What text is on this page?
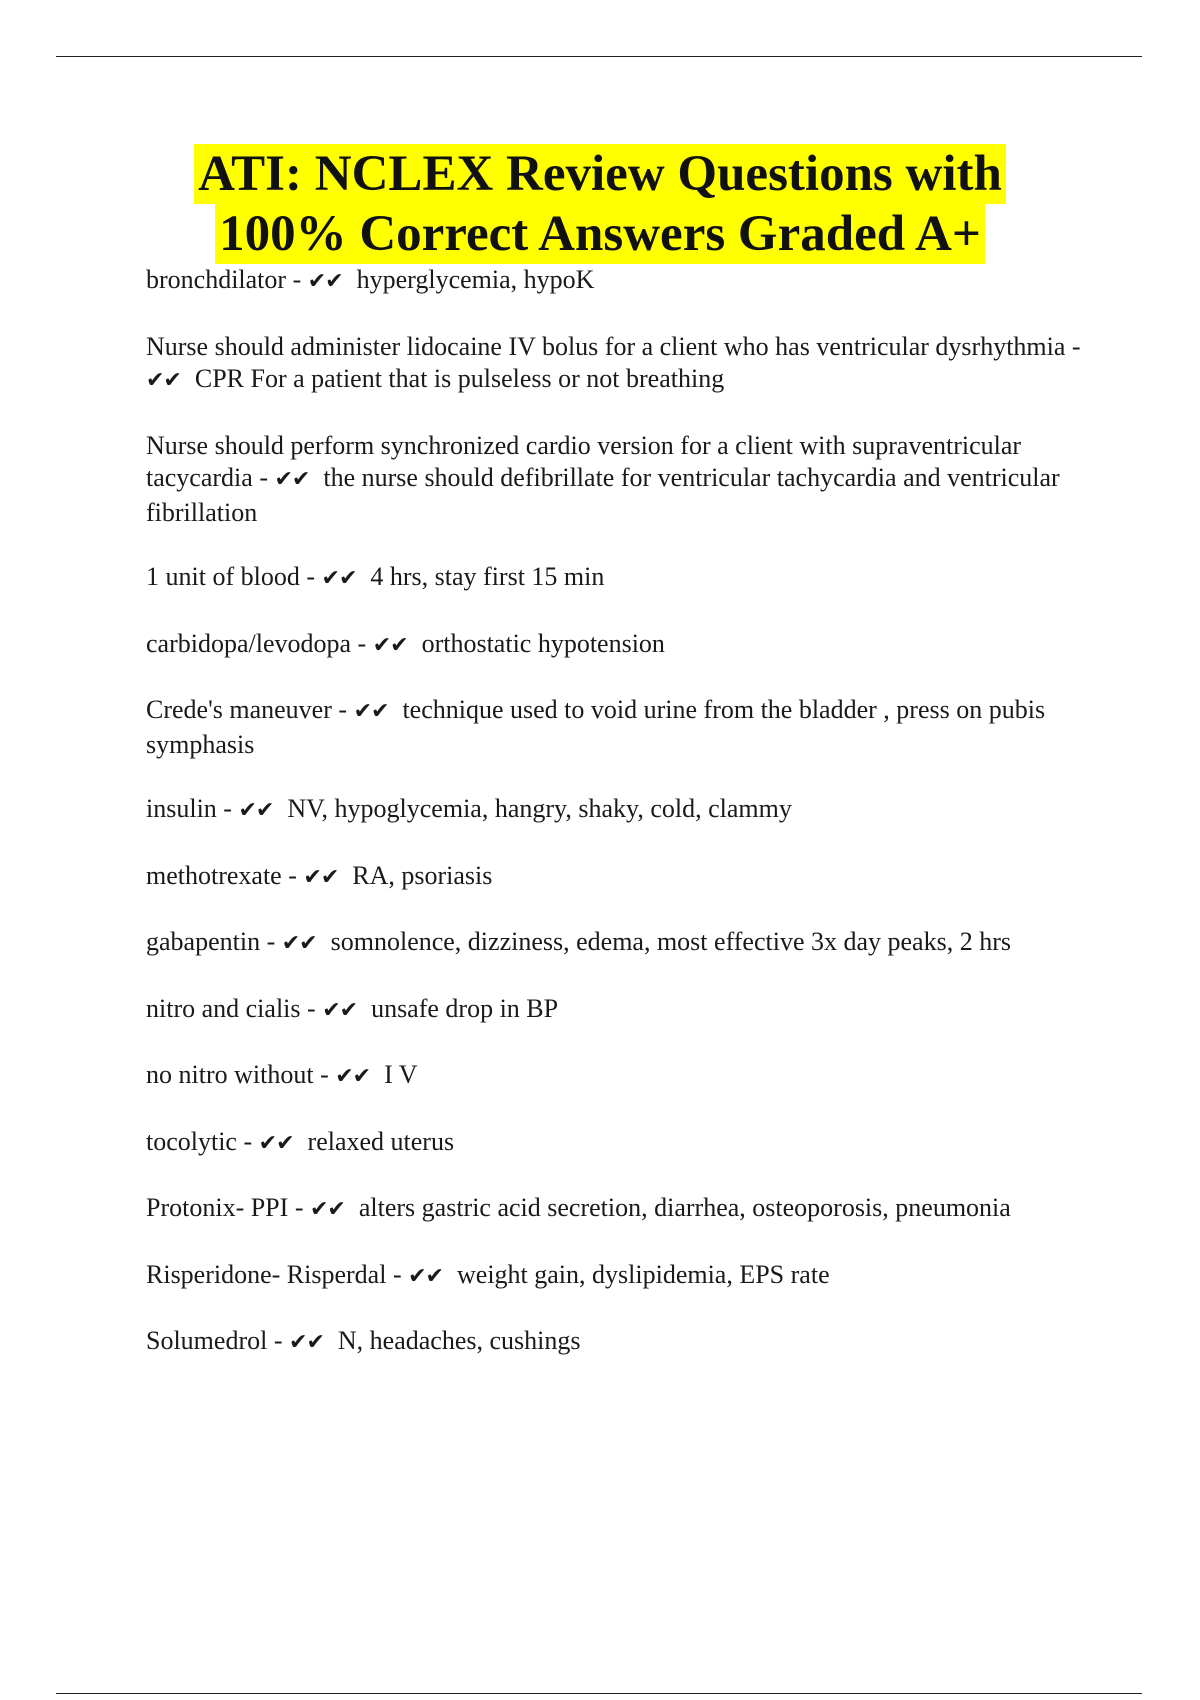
ATI: NCLEX Review Questions with
100% Correct Answers Graded A+

bronchdilator - ✔✔ hyperglycemia, hypoK

Nurse should administer lidocaine IV bolus for a client who has ventricular dysrhythmia - ✔✔ CPR For a patient that is pulseless or not breathing

Nurse should perform synchronized cardio version for a client with supraventricular tacycardia - ✔✔ the nurse should defibrillate for ventricular tachycardia and ventricular fibrillation

1 unit of blood - ✔✔ 4 hrs, stay first 15 min

carbidopa/levodopa - ✔✔ orthostatic hypotension

Crede's maneuver - ✔✔ technique used to void urine from the bladder , press on pubis symphasis

insulin - ✔✔ NV, hypoglycemia, hangry, shaky, cold, clammy

methotrexate - ✔✔ RA, psoriasis

gabapentin - ✔✔ somnolence, dizziness, edema, most effective 3x day peaks, 2 hrs

nitro and cialis - ✔✔ unsafe drop in BP

no nitro without - ✔✔ I V

tocolytic - ✔✔ relaxed uterus

Protonix- PPI - ✔✔ alters gastric acid secretion, diarrhea, osteoporosis, pneumonia

Risperidone- Risperdal - ✔✔ weight gain, dyslipidemia, EPS rate

Solumedrol - ✔✔ N, headaches, cushings
